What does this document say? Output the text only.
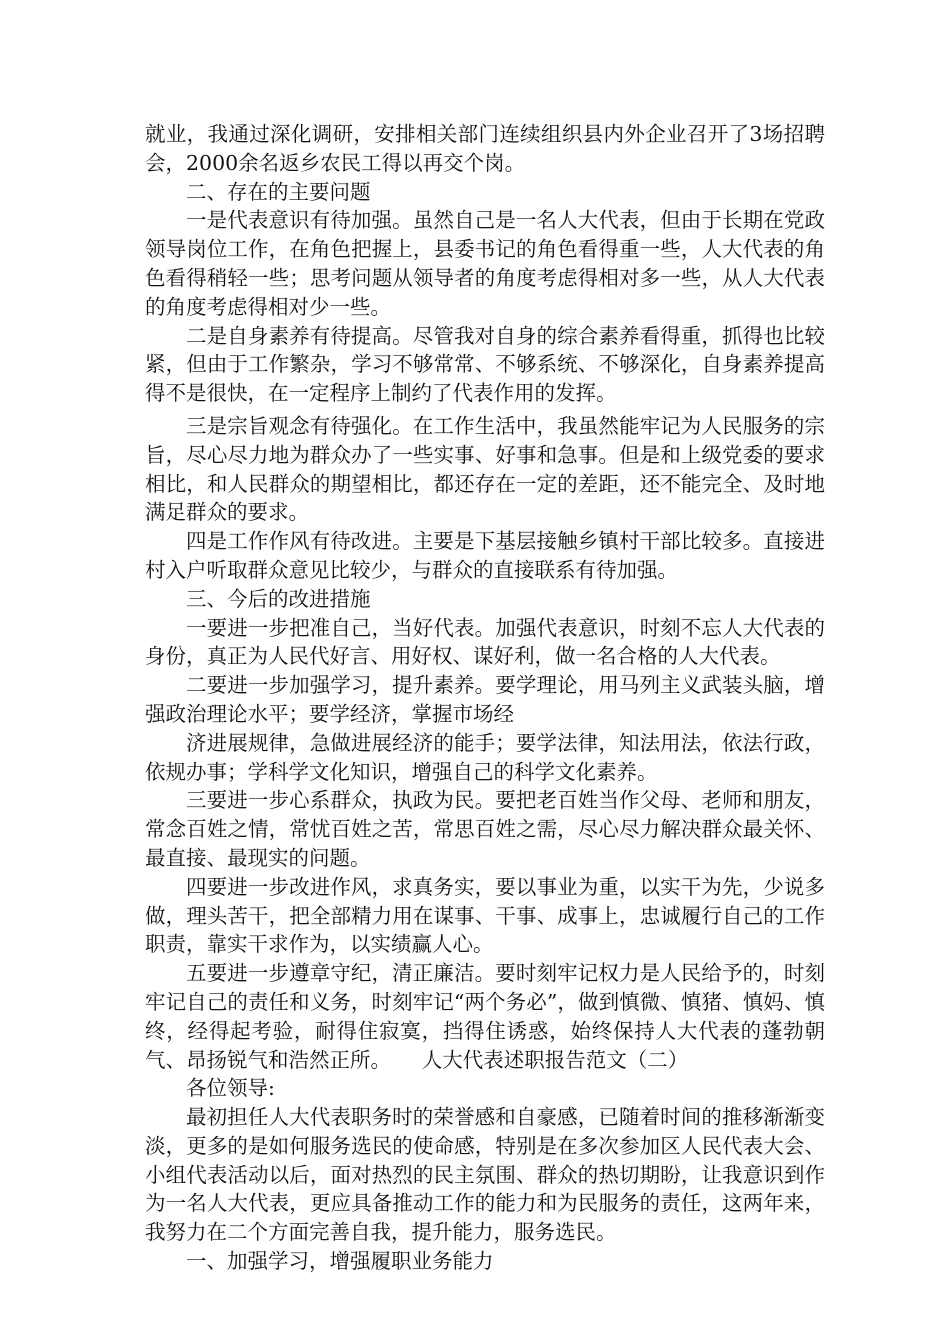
就业，我通过深化调研，安排相关部门连续组织县内外企业召开了3场招聘会，2000余名返乡农民工得以再交个岗。

二、存在的主要问题

一是代表意识有待加强。虽然自己是一名人大代表，但由于长期在党政领导岗位工作，在角色把握上，县委书记的角色看得重一些，人大代表的角色看得稍轻一些；思考问题从领导者的角度考虑得相对多一些，从人大代表的角度考虑得相对少一些。

二是自身素养有待提高。尽管我对自身的综合素养看得重，抓得也比较紧，但由于工作繁杂，学习不够常常、不够系统、不够深化，自身素养提高得不是很快，在一定程序上制约了代表作用的发挥。

三是宗旨观念有待强化。在工作生活中，我虽然能牢记为人民服务的宗旨，尽心尽力地为群众办了一些实事、好事和急事。但是和上级党委的要求相比，和人民群众的期望相比，都还存在一定的差距，还不能完全、及时地满足群众的要求。

四是工作作风有待改进。主要是下基层接触乡镇村干部比较多。直接进村入户听取群众意见比较少，与群众的直接联系有待加强。

三、今后的改进措施

一要进一步把准自己，当好代表。加强代表意识，时刻不忘人大代表的身份，真正为人民代好言、用好权、谋好利，做一名合格的人大代表。

二要进一步加强学习，提升素养。要学理论，用马列主义武装头脑，增强政治理论水平；要学经济，掌握市场经

济进展规律，急做进展经济的能手；要学法律，知法用法，依法行政，依规办事；学科学文化知识，增强自己的科学文化素养。

三要进一步心系群众，执政为民。要把老百姓当作父母、老师和朋友，常念百姓之情，常忧百姓之苦，常思百姓之需，尽心尽力解决群众最关怀、最直接、最现实的问题。

四要进一步改进作风，求真务实，要以事业为重，以实干为先，少说多做，理头苦干，把全部精力用在谋事、干事、成事上，忠诚履行自己的工作职责，靠实干求作为，以实绩赢人心。

五要进一步遵章守纪，清正廉洁。要时刻牢记权力是人民给予的，时刻牢记自己的责任和义务，时刻牢记“两个务必”，做到慎微、慎猪、慎妈、慎终，经得起考验，耐得住寂寞，挡得住诱惑，始终保持人大代表的蓬勃朝气、昂扬锐气和浩然正所。　　人大代表述职报告范文（二）

各位领导:

最初担任人大代表职务时的荣誉感和自豪感，已随着时间的推移渐渐变淡，更多的是如何服务选民的使命感，特别是在多次参加区人民代表大会、小组代表活动以后，面对热烈的民主氛围、群众的热切期盼，让我意识到作为一名人大代表，更应具备推动工作的能力和为民服务的责任，这两年来，我努力在二个方面完善自我，提升能力，服务选民。

一、加强学习，增强履职业务能力
